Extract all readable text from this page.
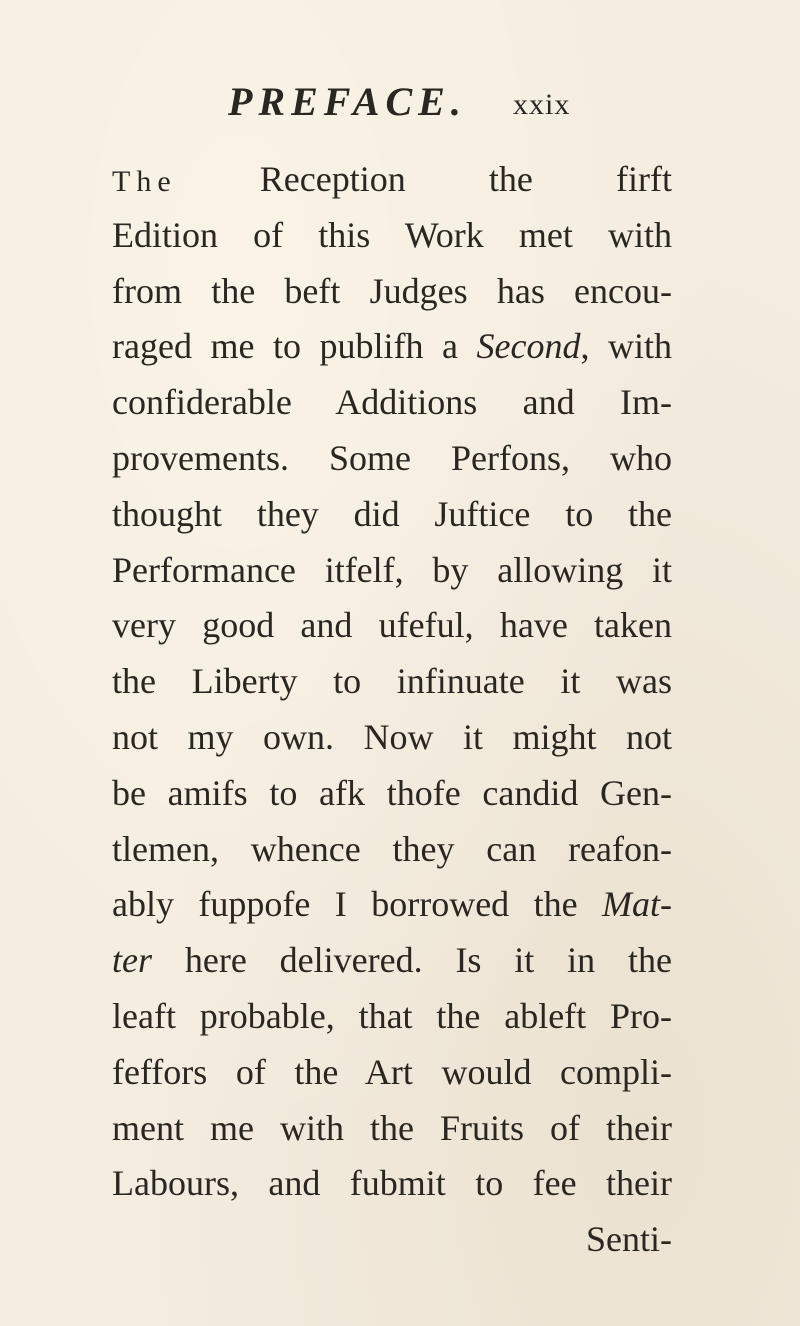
PREFACE. xxix
The Reception the firft
Edition of this Work met with
from the beft Judges has encou-
raged me to publifh a Second, with
confiderable Additions and Im-
provements. Some Perfons, who
thought they did Juftice to the
Performance itfelf, by allowing it
very good and ufeful, have taken
the Liberty to infinuate it was
not my own. Now it might not
be amifs to afk thofe candid Gen-
tlemen, whence they can reafon-
ably fuppofe I borrowed the Mat-
ter here delivered. Is it in the
leaft probable, that the ableft Pro-
feffors of the Art would compli-
ment me with the Fruits of their
Labours, and fubmit to fee their
Senti-
